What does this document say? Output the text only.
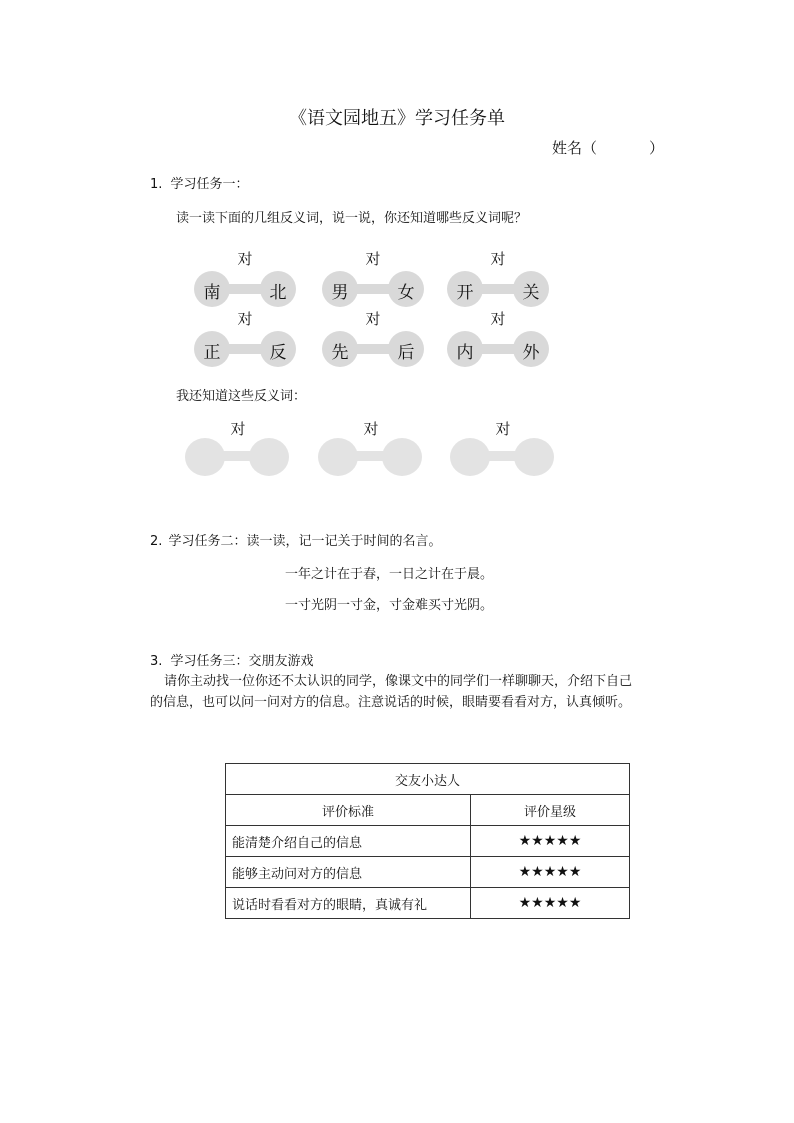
《语文园地五》学习任务单
姓名（	）
1. 学习任务一：
读一读下面的几组反义词，说一说，你还知道哪些反义词呢？
对
南	北
对
男	女
对
开	关
对
正	反
对
先	后
对
内	外
我还知道这些反义词：
对	对	对
2. 学习任务二：读一读，记一记关于时间的名言。
一年之计在于春，一日之计在于晨。
一寸光阴一寸金，寸金难买寸光阴。
3. 学习任务三：交朋友游戏
请你主动找一位你还不太认识的同学，像课文中的同学们一样聊聊天，介绍下自己
的信息，也可以问一问对方的信息。注意说话的时候，眼睛要看看对方，认真倾听。
交友小达人	
评价标准	评价星级
能清楚介绍自己的信息	★★★★★
能够主动问对方的信息	★★★★★
说话时看看对方的眼睛，真诚有礼	★★★★★
